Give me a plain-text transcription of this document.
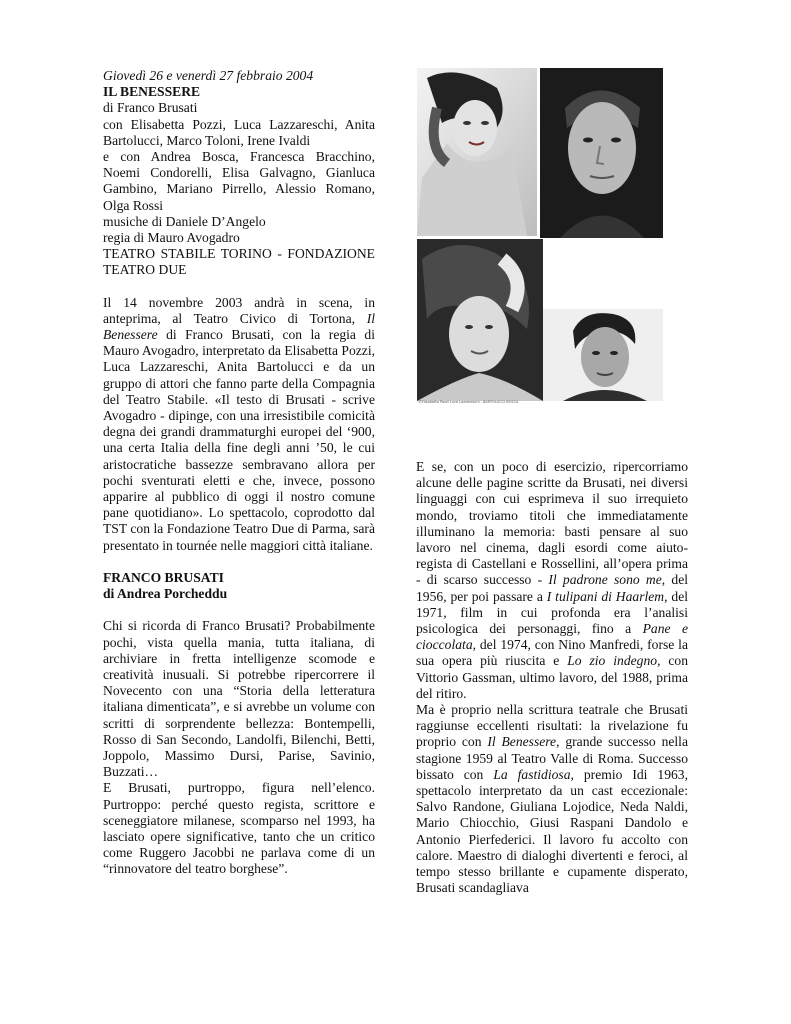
Giovedì 26 e venerdì 27 febbraio 2004
IL BENESSERE
di Franco Brusati
con Elisabetta Pozzi, Luca Lazzareschi, Anita Bartolucci, Marco Toloni, Irene Ivaldi
e con Andrea Bosca, Francesca Bracchino, Noemi Condorelli, Elisa Galvagno, Gianluca Gambino, Mariano Pirrello, Alessio Romano, Olga Rossi
musiche di Daniele D’Angelo
regia di Mauro Avogadro
TEATRO STABILE TORINO - FONDAZIONE TEATRO DUE

Il 14 novembre 2003 andrà in scena, in anteprima, al Teatro Civico di Tortona, Il Benessere di Franco Brusati, con la regia di Mauro Avogadro, interpretato da Elisabetta Pozzi, Luca Lazzareschi, Anita Bartolucci e da un gruppo di attori che fanno parte della Compagnia del Teatro Stabile. «Il testo di Brusati - scrive Avogadro - dipinge, con una irresistibile comicità degna dei grandi drammaturghi europei del ‘900, una certa Italia della fine degli anni ’50, le cui aristocratiche bassezze sembravano allora per pochi sventurati eletti e che, invece, possono apparire al pubblico di oggi il nostro comune pane quotidiano». Lo spettacolo, coprodotto dal TST con la Fondazione Teatro Due di Parma, sarà presentato in tournée nelle maggiori città italiane.

FRANCO BRUSATI
di Andrea Porcheddu

Chi si ricorda di Franco Brusati? Probabilmente pochi, vista quella mania, tutta italiana, di archiviare in fretta intelligenze scomode e creatività inusuali. Si potrebbe ripercorrere il Novecento con una “Storia della letteratura italiana dimenticata”, e si avrebbe un volume con scritti di sorprendente bellezza: Bontempelli, Rosso di San Secondo, Landolfi, Bilenchi, Betti, Joppolo, Massimo Dursi, Parise, Savinio, Buzzati…

E Brusati, purtroppo, figura nell’elenco. Purtroppo: perché questo regista, scrittore e sceneggiatore milanese, scomparso nel 1993, ha lasciato opere significative, tanto che un critico come Ruggero Jacobbi ne parlava come di un “rinnovatore del teatro borghese”.

©Elisabetta Pozzi Luca Lazzareschi - BARTOLUCCI BOSCA

E se, con un poco di esercizio, ripercorriamo alcune delle pagine scritte da Brusati, nei diversi linguaggi con cui esprimeva il suo irrequieto mondo, troviamo titoli che immediatamente illuminano la memoria: basti pensare al suo lavoro nel cinema, dagli esordi come aiuto-regista di Castellani e Rossellini, all’opera prima - di scarso successo - Il padrone sono me, del 1956, per poi passare a I tulipani di Haarlem, del 1971, film in cui profonda era l’analisi psicologica dei personaggi, fino a Pane e cioccolata, del 1974, con Nino Manfredi, forse la sua opera più riuscita e Lo zio indegno, con Vittorio Gassman, ultimo lavoro, del 1988, prima del ritiro.

Ma è proprio nella scrittura teatrale che Brusati raggiunse eccellenti risultati: la rivelazione fu proprio con Il Benessere, grande successo nella stagione 1959 al Teatro Valle di Roma. Successo bissato con La fastidiosa, premio Idi 1963, spettacolo interpretato da un cast eccezionale: Salvo Randone, Giuliana Lojodice, Neda Naldi, Mario Chiocchio, Giusi Raspani Dandolo e Antonio Pierfederici. Il lavoro fu accolto con calore. Maestro di dialoghi divertenti e feroci, al tempo stesso brillante e cupamente disperato, Brusati scandagliava
